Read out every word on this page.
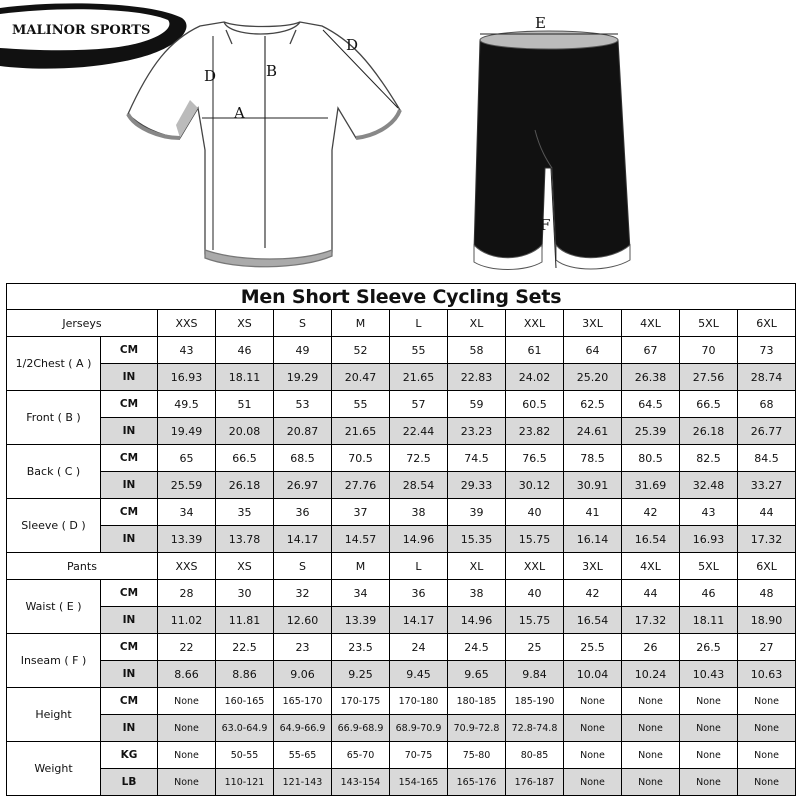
MALINOR SPORTS
D	B
A
D
E
F
Men Short Sleeve Cycling Sets												
Jerseys		XXS	XS	S	M	L	XL	XXL	3XL	4XL	5XL	6XL
1/2Chest ( A )	CM	43	46	49	52	55	58	61	64	67	70	73
	IN	16.93	18.11	19.29	20.47	21.65	22.83	24.02	25.20	26.38	27.56	28.74
Front ( B )	CM	49.5	51	53	55	57	59	60.5	62.5	64.5	66.5	68
	IN	19.49	20.08	20.87	21.65	22.44	23.23	23.82	24.61	25.39	26.18	26.77
Back ( C )	CM	65	66.5	68.5	70.5	72.5	74.5	76.5	78.5	80.5	82.5	84.5
	IN	25.59	26.18	26.97	27.76	28.54	29.33	30.12	30.91	31.69	32.48	33.27
Sleeve ( D )	CM	34	35	36	37	38	39	40	41	42	43	44
	IN	13.39	13.78	14.17	14.57	14.96	15.35	15.75	16.14	16.54	16.93	17.32
Pants		XXS	XS	S	M	L	XL	XXL	3XL	4XL	5XL	6XL
Waist ( E )	CM	28	30	32	34	36	38	40	42	44	46	48
	IN	11.02	11.81	12.60	13.39	14.17	14.96	15.75	16.54	17.32	18.11	18.90
Inseam ( F )	CM	22	22.5	23	23.5	24	24.5	25	25.5	26	26.5	27
	IN	8.66	8.86	9.06	9.25	9.45	9.65	9.84	10.04	10.24	10.43	10.63
Height	CM	None	160-165	165-170	170-175	170-180	180-185	185-190	None	None	None	None
	IN	None	63.0-64.9	64.9-66.9	66.9-68.9	68.9-70.9	70.9-72.8	72.8-74.8	None	None	None	None
Weight	KG	None	50-55	55-65	65-70	70-75	75-80	80-85	None	None	None	None
	LB	None	110-121	121-143	143-154	154-165	165-176	176-187	None	None	None	None
